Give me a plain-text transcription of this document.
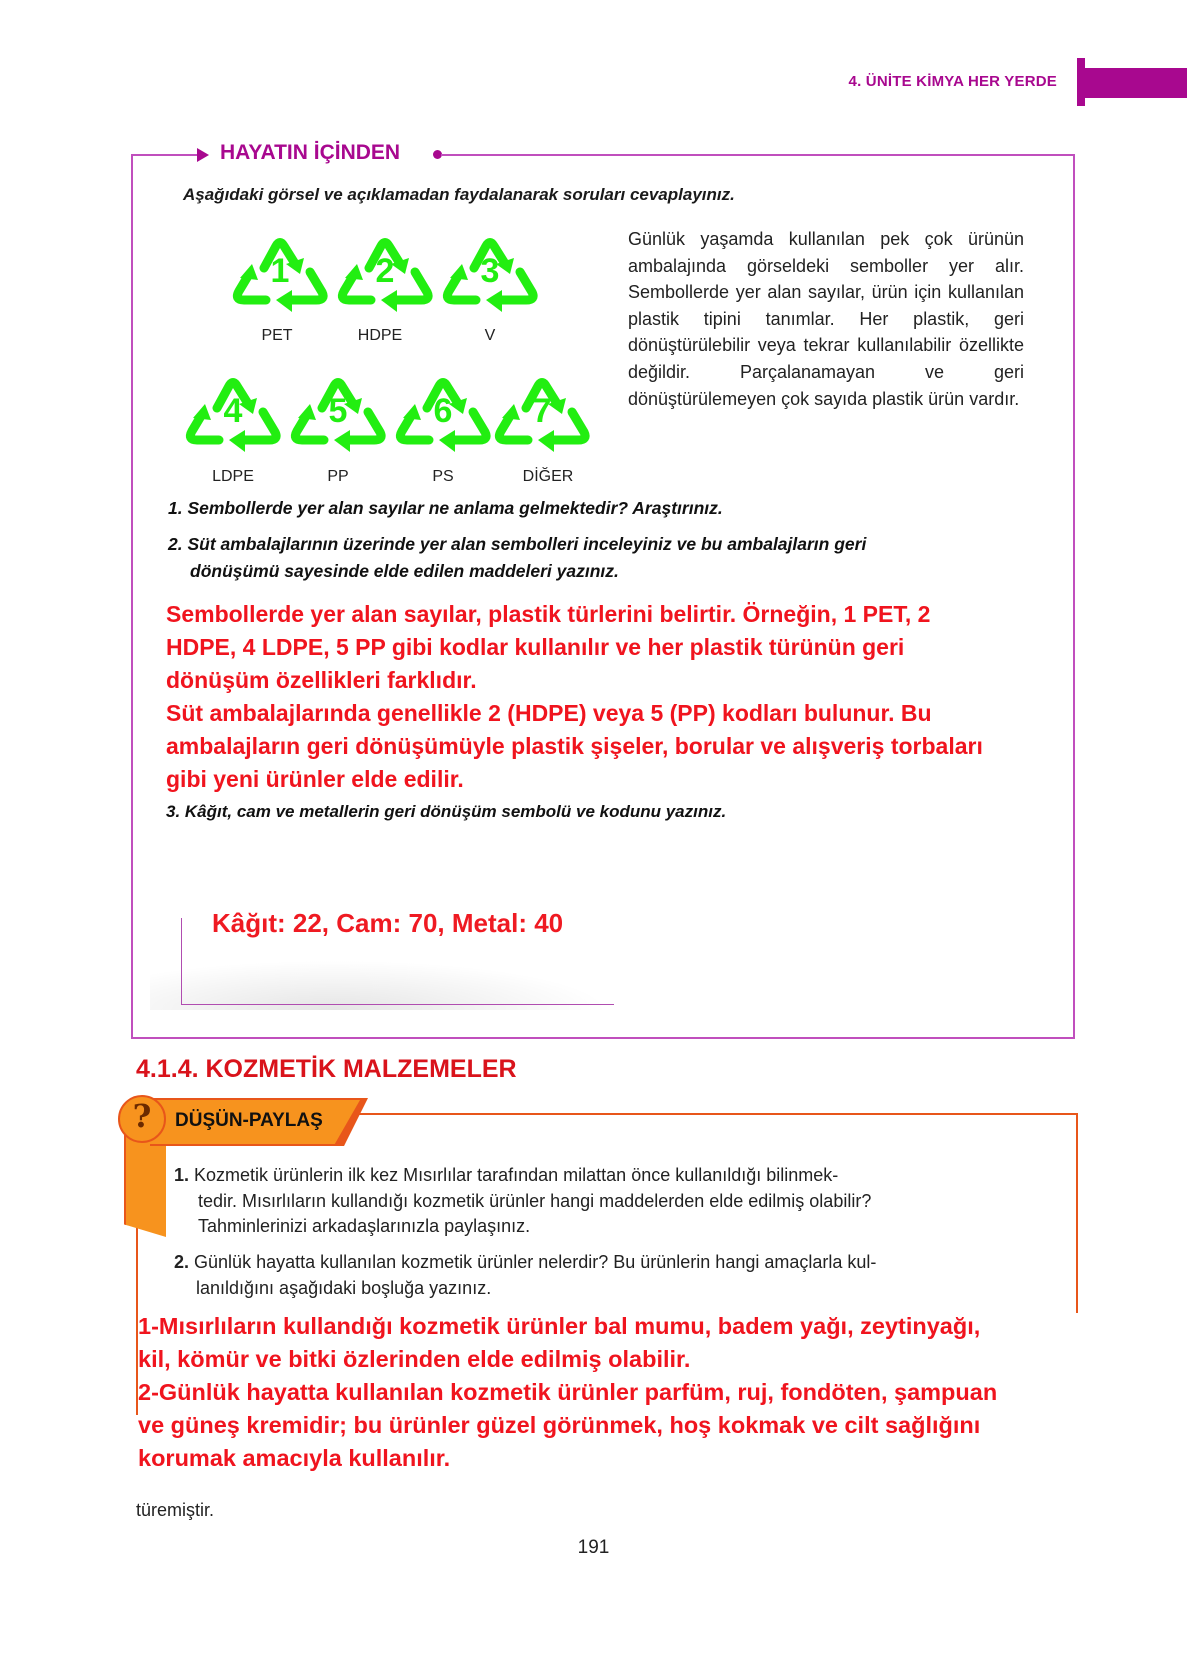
4. ÜNİTE KİMYA HER YERDE
HAYATIN İÇİNDEN
Aşağıdaki görsel ve açıklamadan faydalanarak soruları cevaplayınız.
1
PET
2
HDPE
3
V
4
LDPE
5
PP
6
PS
7
DİĞER
Günlük yaşamda kullanılan pek çok ürünün ambalajında görseldeki semboller yer alır. Sembollerde yer alan sayılar, ürün için kullanılan plastik tipini tanımlar. Her plastik, geri dönüştürülebilir veya tekrar kullanılabilir özellikte değildir. Parçalanamayan ve geri dönüştürülemeyen çok sayıda plastik ürün vardır.
1. Sembollerde yer alan sayılar ne anlama gelmektedir? Araştırınız.
2. Süt ambalajlarının üzerinde yer alan sembolleri inceleyiniz ve bu ambalajların geri
dönüşümü sayesinde elde edilen maddeleri yazınız.
Sembollerde yer alan sayılar, plastik türlerini belirtir. Örneğin, 1 PET, 2
HDPE, 4 LDPE, 5 PP gibi kodlar kullanılır ve her plastik türünün geri
dönüşüm özellikleri farklıdır.
Süt ambalajlarında genellikle 2 (HDPE) veya 5 (PP) kodları bulunur. Bu
ambalajların geri dönüşümüyle plastik şişeler, borular ve alışveriş torbaları
gibi yeni ürünler elde edilir.
3. Kâğıt, cam ve metallerin geri dönüşüm sembolü ve kodunu yazınız.
Kâğıt: 22, Cam: 70, Metal: 40
4.1.4. KOZMETİK MALZEMELER
?	DÜŞÜN-PAYLAŞ
1. Kozmetik ürünlerin ilk kez Mısırlılar tarafından milattan önce kullanıldığı bilinmek-
tedir. Mısırlıların kullandığı kozmetik ürünler hangi maddelerden elde edilmiş olabilir?
Tahminlerinizi arkadaşlarınızla paylaşınız.
2. Günlük hayatta kullanılan kozmetik ürünler nelerdir? Bu ürünlerin hangi amaçlarla kul-
lanıldığını aşağıdaki boşluğa yazınız.
1-Mısırlıların kullandığı kozmetik ürünler bal mumu, badem yağı, zeytinyağı,
kil, kömür ve bitki özlerinden elde edilmiş olabilir.
2-Günlük hayatta kullanılan kozmetik ürünler parfüm, ruj, fondöten, şampuan
ve güneş kremidir; bu ürünler güzel görünmek, hoş kokmak ve cilt sağlığını
korumak amacıyla kullanılır.
türemiştir.
191
